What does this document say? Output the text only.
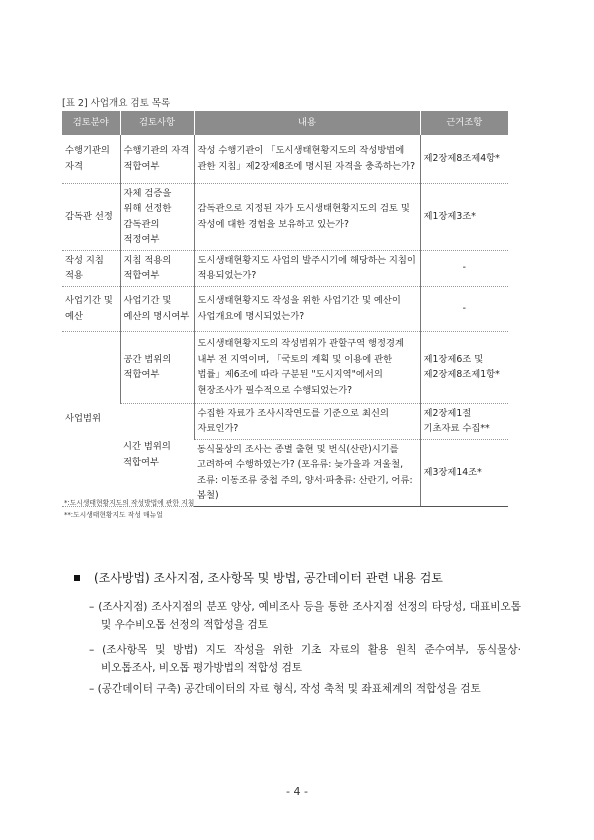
[표 2] 사업개요 검토 목록
검토분야	검토사항	내용	근거조항
수행기관의 자격	수행기관의 자격 적합여부	작성 수행기관이 「도시생태현황지도의 작성방법에 관한 지침」제2장제8조에 명시된 자격을 충족하는가?	제2장제8조제4항*
감독관 선정	자체 검증을 위해 선정한 감독관의 적정여부	감독관으로 지정된 자가 도시생태현황지도의 검토 및 작성에 대한 경험을 보유하고 있는가?	제1장제3조*
작성 지침 적용	지침 적용의 적합여부	도시생태현황지도 사업의 발주시기에 해당하는 지침이 적용되었는가?	-
사업기간 및 예산	사업기간 및 예산의 명시여부	도시생태현황지도 작성을 위한 사업기간 및 예산이 사업개요에 명시되었는가?	-
사업범위	공간 범위의 적합여부	도시생태현황지도의 작성범위가 관할구역 행정경계 내부 전 지역이며, 「국토의 계획 및 이용에 관한 법률」제6조에 따라 구분된 "도시지역"에서의 현장조사가 필수적으로 수행되었는가?	제1장제6조 및 제2장제8조제1항*
	시간 범위의 적합여부	수집한 자료가 조사시작연도를 기준으로 최신의 자료인가?	제2장제1절 기초자료 수집**
		동식물상의 조사는 종별 출현 및 번식(산란)시기를 고려하여 수행하였는가? (포유류: 늦가을과 겨울철, 조류: 이동조류 중첩 주의, 양서·파충류: 산란기, 어류: 봄철)	제3장제14조*
*:도시생태현황지도의 작성방법에 관한 지침
**:도시생태현황지도 작성 매뉴얼
(조사방법) 조사지점, 조사항목 및 방법, 공간데이터 관련 내용 검토
– (조사지점) 조사지점의 분포 양상, 예비조사 등을 통한 조사지점 선정의 타당성, 대표비오톱 및 우수비오톱 선정의 적합성을 검토
– (조사항목 및 방법) 지도 작성을 위한 기초 자료의 활용 원칙 준수여부, 동식물상·비오톱조사, 비오톱 평가방법의 적합성 검토
– (공간데이터 구축) 공간데이터의 자료 형식, 작성 축척 및 좌표체계의 적합성을 검토
- 4 -
